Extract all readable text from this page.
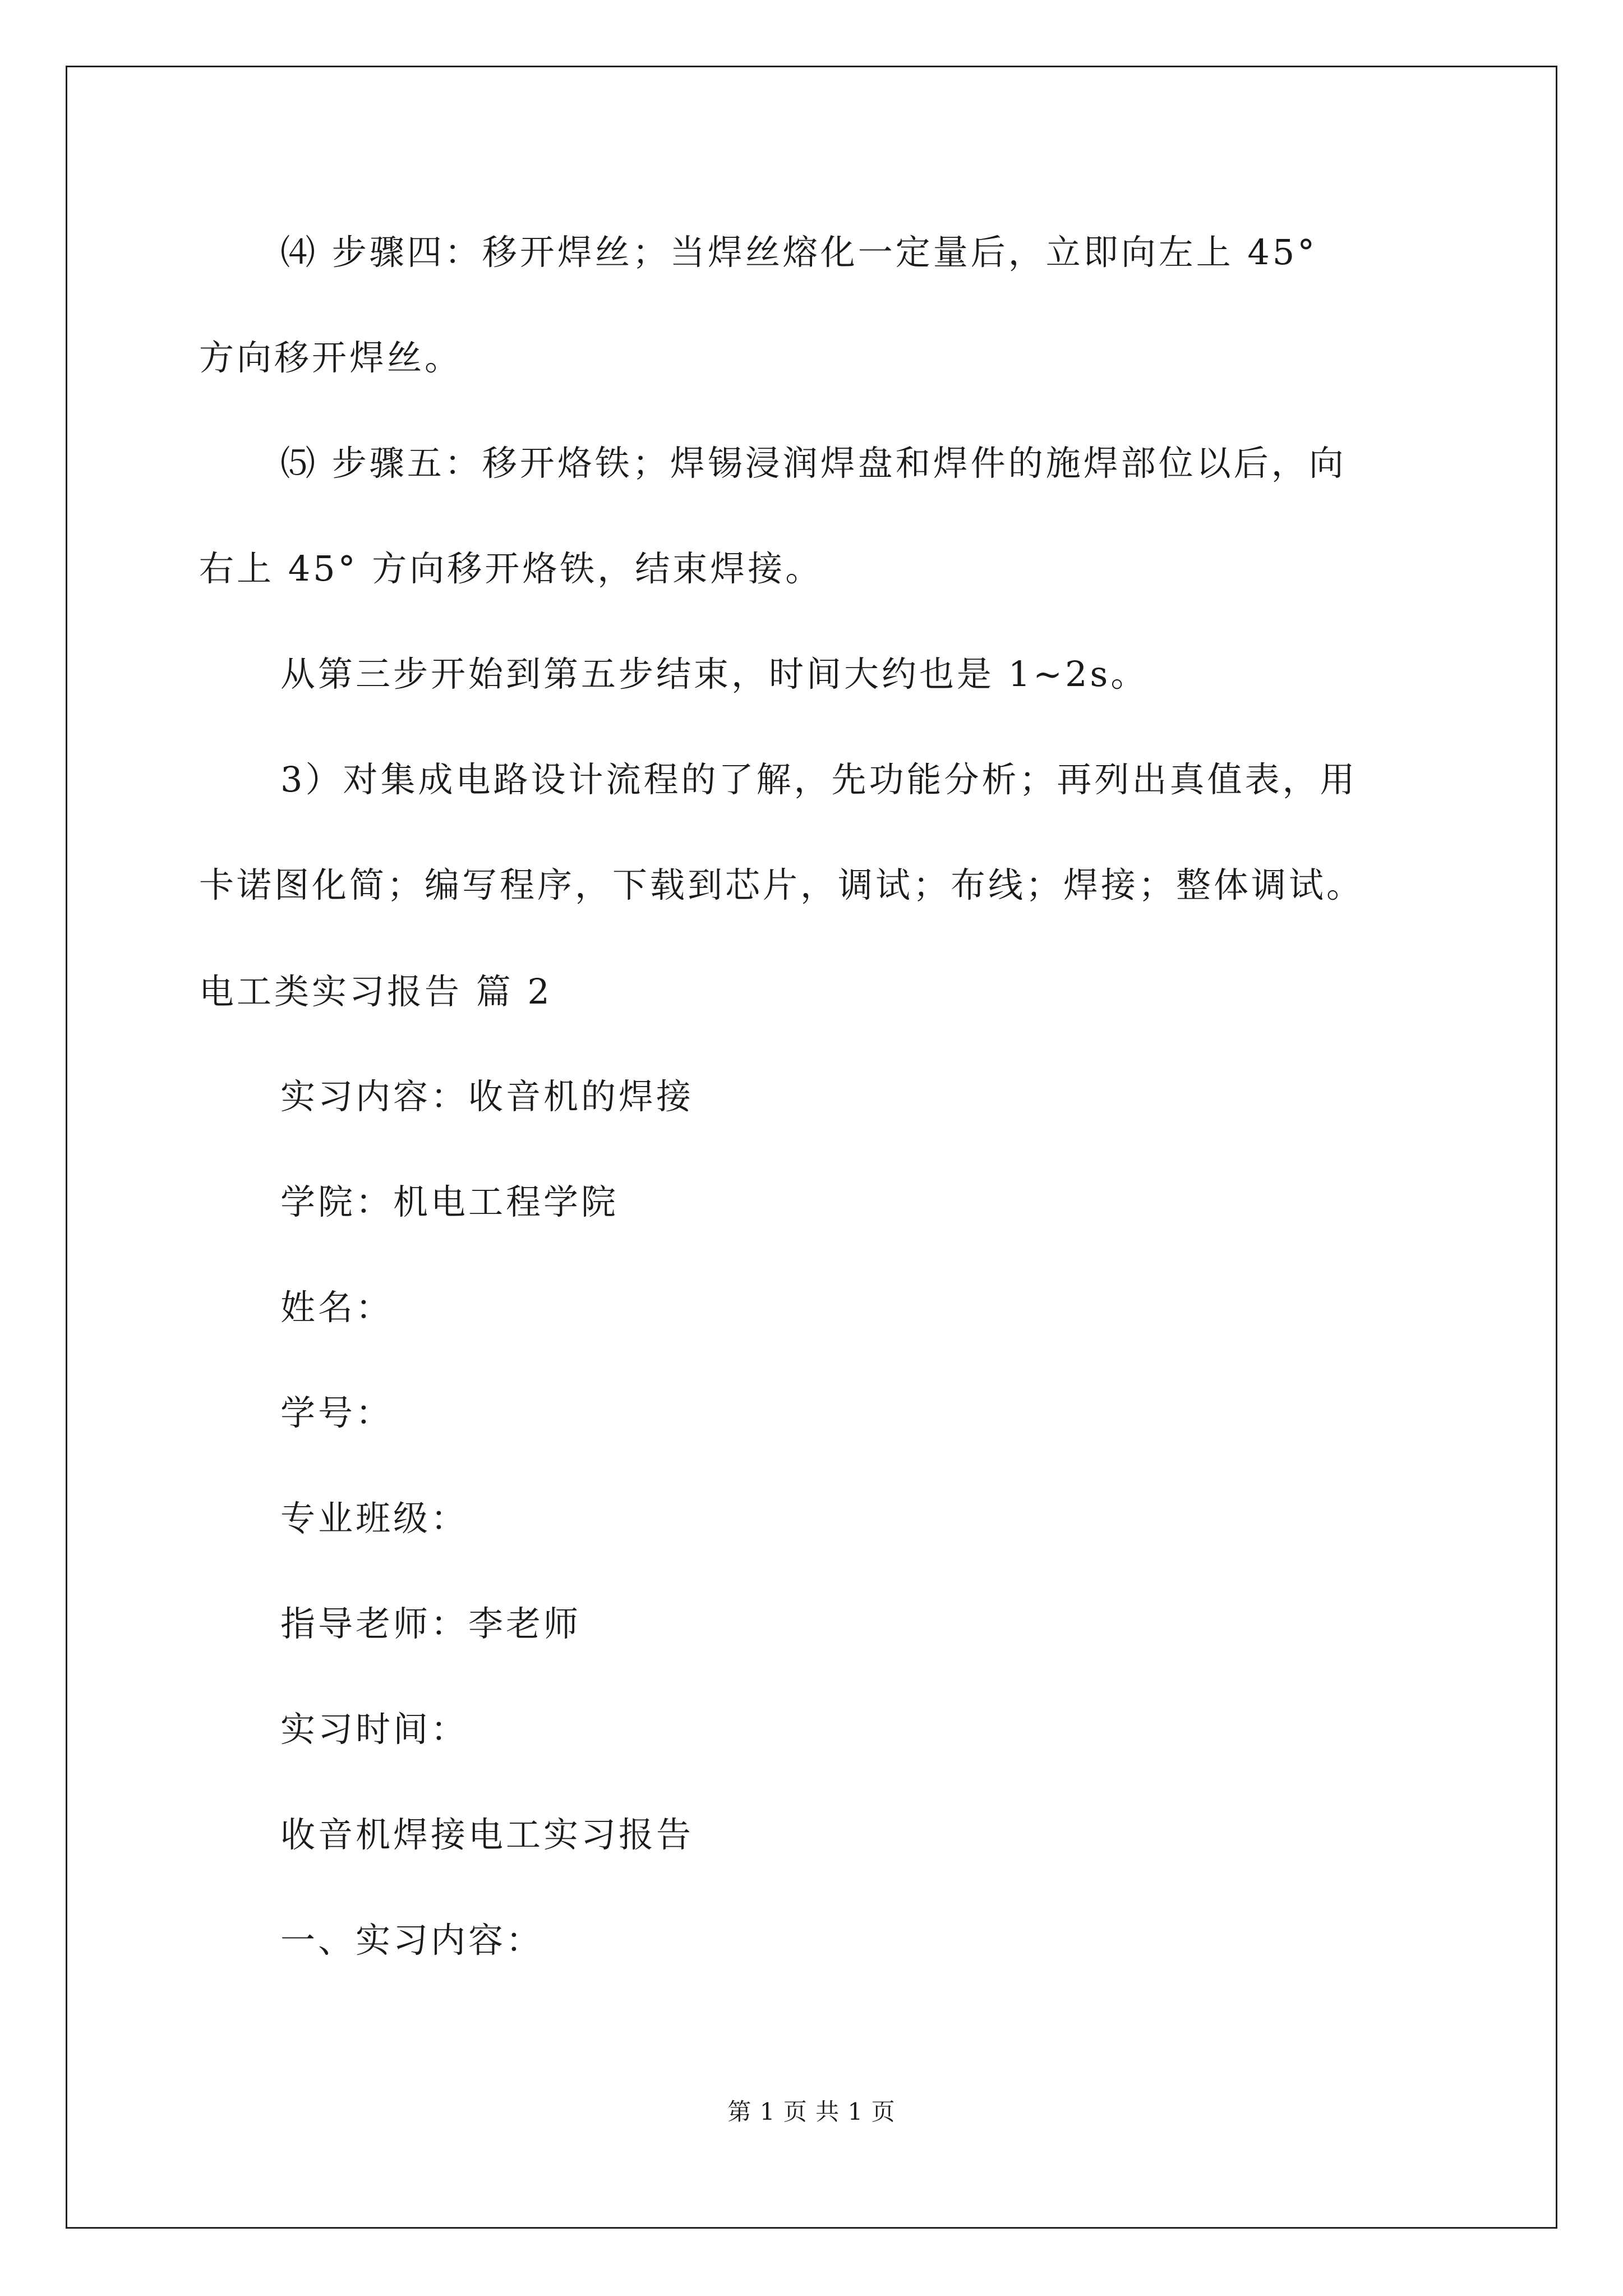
⑷ 步骤四：移开焊丝；当焊丝熔化一定量后，立即向左上 45°
方向移开焊丝。
⑸ 步骤五：移开烙铁；焊锡浸润焊盘和焊件的施焊部位以后，向
右上 45° 方向移开烙铁，结束焊接。
从第三步开始到第五步结束，时间大约也是 1~2s。
3）对集成电路设计流程的了解，先功能分析；再列出真值表，用
卡诺图化简；编写程序，下载到芯片，调试；布线；焊接；整体调试。
电工类实习报告 篇 2
实习内容：收音机的焊接
学院：机电工程学院
姓名：
学号：
专业班级：
指导老师：李老师
实习时间：
收音机焊接电工实习报告
一、实习内容：
第 1 页 共 1 页
